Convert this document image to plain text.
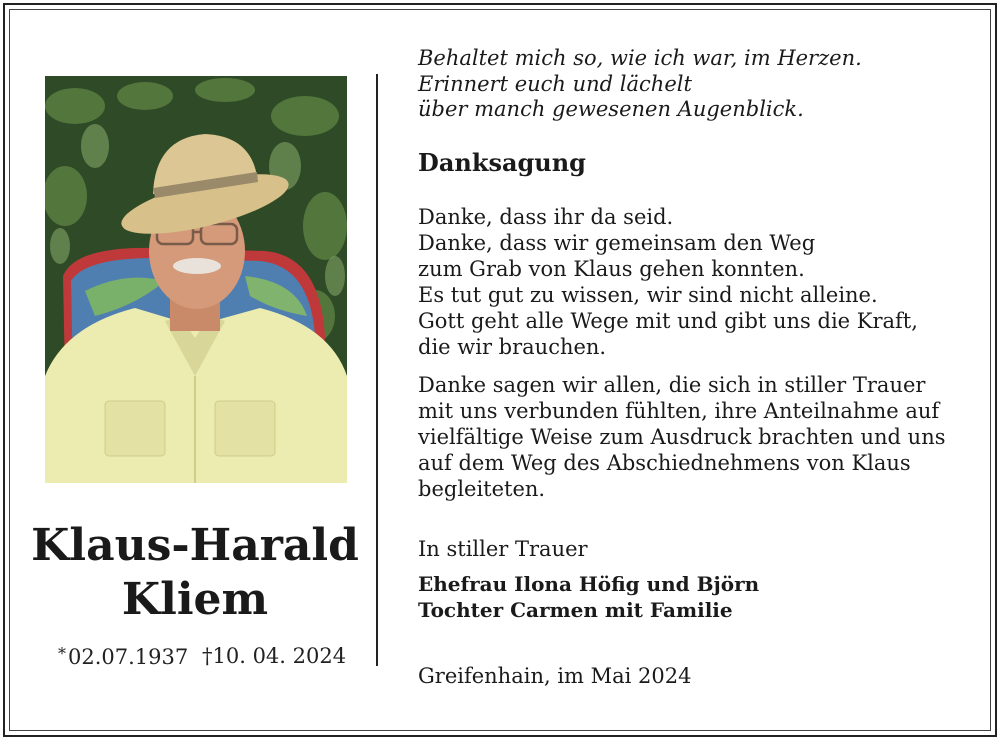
Klaus-Harald
Kliem
*02.07.1937 †10. 04. 2024
Behaltet mich so, wie ich war, im Herzen.
Erinnert euch und lächelt
über manch gewesenen Augenblick.
Danksagung
Danke, dass ihr da seid.
Danke, dass wir gemeinsam den Weg
zum Grab von Klaus gehen konnten.
Es tut gut zu wissen, wir sind nicht alleine.
Gott geht alle Wege mit und gibt uns die Kraft,
die wir brauchen.
Danke sagen wir allen, die sich in stiller Trauer
mit uns verbunden fühlten, ihre Anteilnahme auf
vielfältige Weise zum Ausdruck brachten und uns
auf dem Weg des Abschiednehmens von Klaus
begleiteten.
In stiller Trauer
Ehefrau Ilona Höfig und Björn
Tochter Carmen mit Familie
Greifenhain, im Mai 2024
